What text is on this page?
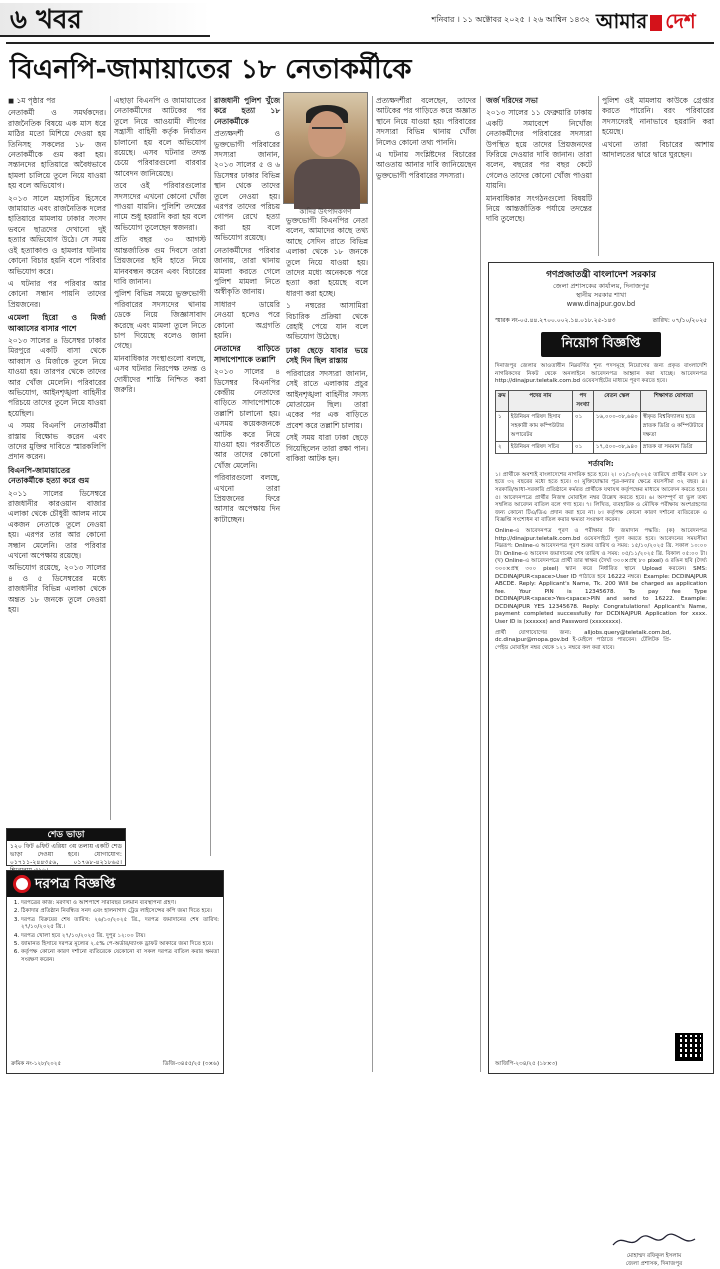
৬ খবর	শনিবার । ১১ অক্টোবর ২০২৫ । ২৬ আশ্বিন ১৪৩২ আমার দেশ
বিএনপি-জামায়াতের ১৮ নেতাকর্মীকে

◼ ১ম পৃষ্ঠার পর

নেতাকর্মী ও সমর্থকদের। রাজনৈতিক বিষয়ে এক মাস ধরে মাঠির মতো মিশিয়ে দেওয়া হয় তিনিসহ সকলের ১৮ জন নেতাকর্মীকে গুম করা হয়। সন্তানদের হাতিয়ারে অবৈধভাবে হামলা চালিয়ে তুলে নিয়ে যাওয়া হয় বলে অভিযোগ।

২০১৩ সালে মহাসচিব হিসেবে জামায়াত এবং রাজনৈতিক দলের হাতিয়ারে মামলায় ঢাকার সংসদ ভবনে ছাত্রদের দেখানো দুই হত্যার অভিযোগ উঠে। সে সময় ওই হত্যাকাণ্ড ও হামলার ঘটনায় কোনো বিচার হয়নি বলে পরিবার অভিযোগ করে।

এ ঘটনার পর পরিবার আর কোনো সন্ধান পায়নি তাদের প্রিয়জনের।

এমেলা হিরো ও মির্জা আব্বাসের বাসার পাশে

২০১৩ সালের ৪ ডিসেম্বর ঢাকার মিরপুরে একটি বাসা থেকে আব্বাস ও মির্জাকে তুলে নিয়ে যাওয়া হয়। তারপর থেকে তাদের আর খোঁজ মেলেনি। পরিবারের অভিযোগ, আইনশৃঙ্খলা বাহিনীর পরিচয়ে তাদের তুলে নিয়ে যাওয়া হয়েছিল।

এ সময় বিএনপি নেতাকর্মীরা রাস্তায় বিক্ষোভ করেন এবং তাদের মুক্তির দাবিতে স্মারকলিপি প্রদান করেন।

বিএনপি-জামায়াতের নেতাকর্মীকে হত্যা করে গুম

২০১১ সালের ডিসেম্বরে রাজধানীর কারওয়ান বাজার এলাকা থেকে চৌধুরী আলম নামে একজন নেতাকে তুলে নেওয়া হয়। এরপর তার আর কোনো সন্ধান মেলেনি। তার পরিবার এখনো অপেক্ষায় রয়েছে।

অভিযোগ রয়েছে, ২০১৩ সালের ৪ ও ৫ ডিসেম্বরের মধ্যে রাজধানীর বিভিন্ন এলাকা থেকে অন্তত ১৮ জনকে তুলে নেওয়া হয়।

এছাড়া বিএনপি ও জামায়াতের নেতাকর্মীদের আটকের পর তুলে নিয়ে আওয়ামী লীগের সন্ত্রাসী বাহিনী কর্তৃক নির্যাতন চালানো হয় বলে অভিযোগ রয়েছে। এসব ঘটনার তদন্ত চেয়ে পরিবারগুলো বারবার আবেদন জানিয়েছে।

তবে ওই পরিবারগুলোর সদস্যদের এখনো কোনো খোঁজ পাওয়া যায়নি। পুলিশি তদন্তের নামে শুধু হয়রানি করা হয় বলে অভিযোগ তুলেছেন স্বজনরা।

প্রতি বছর ৩০ আগস্ট আন্তর্জাতিক গুম দিবসে তারা প্রিয়জনের ছবি হাতে নিয়ে মানববন্ধন করেন এবং বিচারের দাবি জানান।

পুলিশ বিভিন্ন সময়ে ভুক্তভোগী পরিবারের সদস্যদের থানায় ডেকে নিয়ে জিজ্ঞাসাবাদ করেছে এবং মামলা তুলে নিতে চাপ দিয়েছে বলেও জানা গেছে।

মানবাধিকার সংস্থাগুলো বলছে, এসব ঘটনার নিরপেক্ষ তদন্ত ও দোষীদের শাস্তি নিশ্চিত করা জরুরি।

রাজধানী পুলিশ খুঁজে করে হত্যা ১৮ নেতাকর্মীকে

প্রত্যক্ষদর্শী ও ভুক্তভোগী পরিবারের সদস্যরা জানান, ২০১৩ সালের ৫ ও ৬ ডিসেম্বর ঢাকার বিভিন্ন স্থান থেকে তাদের তুলে নেওয়া হয়। এরপর তাদের পরিচয় গোপন রেখে হত্যা করা হয় বলে অভিযোগ রয়েছে।

নেতাকর্মীদের পরিবার জানায়, তারা থানায় মামলা করতে গেলে পুলিশ মামলা নিতে অস্বীকৃতি জানায়।

সাধারণ ডায়েরি নেওয়া হলেও পরে কোনো অগ্রগতি হয়নি।

নেতাদের বাড়িতে সাদাপোশাকে তল্লাশি

২০১৩ সালের ৪ ডিসেম্বর বিএনপির কেন্দ্রীয় নেতাদের বাড়িতে সাদাপোশাকে তল্লাশি চালানো হয়। এসময় কয়েকজনকে আটক করে নিয়ে যাওয়া হয়। পরবর্তীতে আর তাদের কোনো খোঁজ মেলেনি।

পরিবারগুলো বলছে, এখনো তারা প্রিয়জনের ফিরে আসার অপেক্ষায় দিন কাটাচ্ছেন।

কাদির উৎপাদকগণ

ভুক্তভোগী বিএনপির নেতা বলেন, আমাদের কাছে তথ্য আছে সেদিন রাতে বিভিন্ন এলাকা থেকে ১৮ জনকে তুলে নিয়ে যাওয়া হয়। তাদের মধ্যে অনেককে পরে হত্যা করা হয়েছে বলে ধারণা করা হচ্ছে।

১ নম্বরের আসামিরা বিচারিক প্রক্রিয়া থেকে রেহাই পেয়ে যান বলে অভিযোগ উঠেছে।

ঢাকা ছেড়ে যাবার ভয়ে সেই দিন ছিল রাস্তায়

পরিবারের সদস্যরা জানান, সেই রাতে এলাকায় প্রচুর আইনশৃঙ্খলা বাহিনীর সদস্য মোতায়েন ছিল। তারা একের পর এক বাড়িতে প্রবেশ করে তল্লাশি চালায়।

সেই সময় যারা ঢাকা ছেড়ে গিয়েছিলেন তারা রক্ষা পান। বাকিরা আটক হন।

প্রত্যক্ষদর্শীরা বলেছেন, তাদের আটকের পর গাড়িতে করে অজ্ঞাত স্থানে নিয়ে যাওয়া হয়। পরিবারের সদস্যরা বিভিন্ন থানায় খোঁজ নিলেও কোনো তথ্য পাননি।

এ ঘটনায় সংশ্লিষ্টদের বিচারের আওতায় আনার দাবি জানিয়েছেন ভুক্তভোগী পরিবারের সদস্যরা।

জর্জ দরিদের সভা

২০১৩ সালের ১১ ফেব্রুয়ারি ঢাকায় একটি সমাবেশে নিখোঁজ নেতাকর্মীদের পরিবারের সদস্যরা উপস্থিত হয়ে তাদের প্রিয়জনদের ফিরিয়ে দেওয়ার দাবি জানান। তারা বলেন, বছরের পর বছর কেটে গেলেও তাদের কোনো খোঁজ পাওয়া যায়নি।

মানবাধিকার সংগঠনগুলো বিষয়টি নিয়ে আন্তর্জাতিক পর্যায়ে তদন্তের দাবি তুলেছে।

পুলিশ ওই মামলায় কাউকে গ্রেপ্তার করতে পারেনি। বরং পরিবারের সদস্যদেরই নানাভাবে হয়রানি করা হয়েছে।

এখনো তারা বিচারের আশায় আদালতের দ্বারে দ্বারে ঘুরছেন।

গণপ্রজাতন্ত্রী বাংলাদেশ সরকার
জেলা প্রশাসকের কার্যালয়, দিনাজপুর
স্থানীয় সরকার শাখা
www.dinajpur.gov.bd
স্মারক নং-০৫.৪৪.২৭০০.০০২.১৪.০১৮.২৫-১৪৩	তারিখ: ০৭/১০/২০২৫
নিয়োগ বিজ্ঞপ্তি
দিনাজপুর জেলার আওতাধীন নিম্নবর্ণিত শূন্য পদসমূহে নিয়োগের জন্য প্রকৃত বাংলাদেশি নাগরিকদের নিকট থেকে অনলাইনে আবেদনপত্র আহ্বান করা যাচ্ছে। আবেদনপত্র http://dinajpur.teletalk.com.bd ওয়েবসাইটের মাধ্যমে পূরণ করতে হবে।
ক্রম	পদের নাম	পদ সংখ্যা	বেতন স্কেল	শিক্ষাগত যোগ্যতা
১	ইউনিয়ন পরিষদ হিসাব সহকারী কাম কম্পিউটার অপারেটর	০১	১৬,০০০-৩৮,৬৪০	স্বীকৃত বিশ্ববিদ্যালয় হতে স্নাতক ডিগ্রি ও কম্পিউটারে দক্ষতা
২	ইউনিয়ন পরিষদ সচিব	০১	১৭,৫০০-৩৮,৯৪০	স্নাতক বা সমমান ডিগ্রি
শর্তাবলি:
১। প্রার্থীকে অবশ্যই বাংলাদেশের নাগরিক হতে হবে। ২। ০১/১০/২০২৫ তারিখে প্রার্থীর বয়স ১৮ হতে ৩২ বছরের মধ্যে হতে হবে। ৩। মুক্তিযোদ্ধার পুত্র-কন্যার ক্ষেত্রে বয়সসীমা ৩২ বছর। ৪। সরকারি/আধা-সরকারি প্রতিষ্ঠানে কর্মরত প্রার্থীকে যথাযথ কর্তৃপক্ষের মাধ্যমে আবেদন করতে হবে। ৫। আবেদনপত্রে প্রার্থীর নিজস্ব মোবাইল নম্বর উল্লেখ করতে হবে। ৬। অসম্পূর্ণ বা ভুল তথ্য সম্বলিত আবেদন বাতিল বলে গণ্য হবে। ৭। লিখিত, ব্যবহারিক ও মৌখিক পরীক্ষায় অংশগ্রহণের জন্য কোনো টিএ/ডিএ প্রদান করা হবে না। ৮। কর্তৃপক্ষ কোনো কারণ দর্শানো ব্যতিরেকে এ বিজ্ঞপ্তি সংশোধন বা বাতিল করার ক্ষমতা সংরক্ষণ করেন।
Online-এ আবেদনপত্র পূরণ ও পরীক্ষার ফি জমাদান পদ্ধতি: (ক) আবেদনপত্র http://dinajpur.teletalk.com.bd ওয়েবসাইটে পূরণ করতে হবে। আবেদনের সময়সীমা নিম্নরূপ: Online-এ আবেদনপত্র পূরণ শুরুর তারিখ ও সময়: ১৫/১০/২০২৫ খ্রি. সকাল ১০:০০ টা। Online-এ আবেদন জমাদানের শেষ তারিখ ও সময়: ০৫/১১/২০২৫ খ্রি. বিকাল ০৫:০০ টা। (খ) Online-এ আবেদনপত্রে প্রার্থী তার স্বাক্ষর (দৈর্ঘ্য ৩০০×প্রস্থ ৮০ pixel) ও রঙিন ছবি (দৈর্ঘ্য ৩০০×প্রস্থ ৩০০ pixel) স্ক্যান করে নির্ধারিত স্থানে Upload করবেন। SMS: DCDINAJPUR<space>User ID পাঠাতে হবে 16222 নম্বরে। Example: DCDINAJPUR ABCDE. Reply: Applicant's Name, Tk. 200 Will be charged as application fee. Your PIN is 12345678. To pay fee Type DCDINAJPUR<space>Yes<space>PIN and send to 16222. Example: DCDINAJPUR YES 12345678. Reply: Congratulations! Applicant's Name, payment completed successfully for DCDINAJPUR Application for xxxx. User ID is (xxxxxx) and Password (xxxxxxxx).
প্রার্থী যোগাযোগের জন্য: alljobs.query@teletalk.com.bd, dc.dinajpur@mopa.gov.bd ই-মেইলে পাঠাতে পারবেন। টেলিটক প্রি-পেইড মোবাইল নম্বর থেকে ১২১ নম্বরে কল করা যাবে।
মোহাম্মদ রফিকুল ইসলাম
জেলা প্রশাসক, দিনাজপুর
আর্জিপি-২৩৪/২৫ (১৮×৩)
শেড ভাড়া
১২০ ফিট ৬ফিট এরিয়া ৩য় তলায় একটি শেড ভাড়া দেওয়া হবে। যোগাযোগ: ০১৭১১-২৪৪৩৫৬, ০১৭৬৮-৪২১৮৬৫।
দরপত্র বিজ্ঞপ্তি
1. দরপত্রের কাজ: মরণখা ও আশপাশে সারাবছর চলমান ব্যবস্থাপনা গ্রহণ।
2. ঠিকাদার প্রতিষ্ঠান নিবন্ধিত সনদ এবং হালনাগাদ ট্রেড লাইসেন্সের কপি জমা দিতে হবে।
3. দরপত্র বিক্রয়ের শেষ তারিখ: ২৬/১০/২০২৫ খ্রি., দরপত্র জমাদানের শেষ তারিখ: ২৭/১০/২০২৫ খ্রি.।
4. দরপত্র খোলা হবে ২৭/১০/২০২৫ খ্রি. দুপুর ১২:০০ টায়।
5. জামানত হিসাবে দরপত্র মূল্যের ২.৫% পে-অর্ডার/ব্যাংক ড্রাফট আকারে জমা দিতে হবে।
6. কর্তৃপক্ষ কোনো কারণ দর্শানো ব্যতিরেকে যেকোনো বা সকল দরপত্র বাতিল করার ক্ষমতা সংরক্ষণ করেন।
ক্রমিক নং-১২৮/২০২৫	ডিজি-৩৪৫৫/২৫ (৩×৬)
